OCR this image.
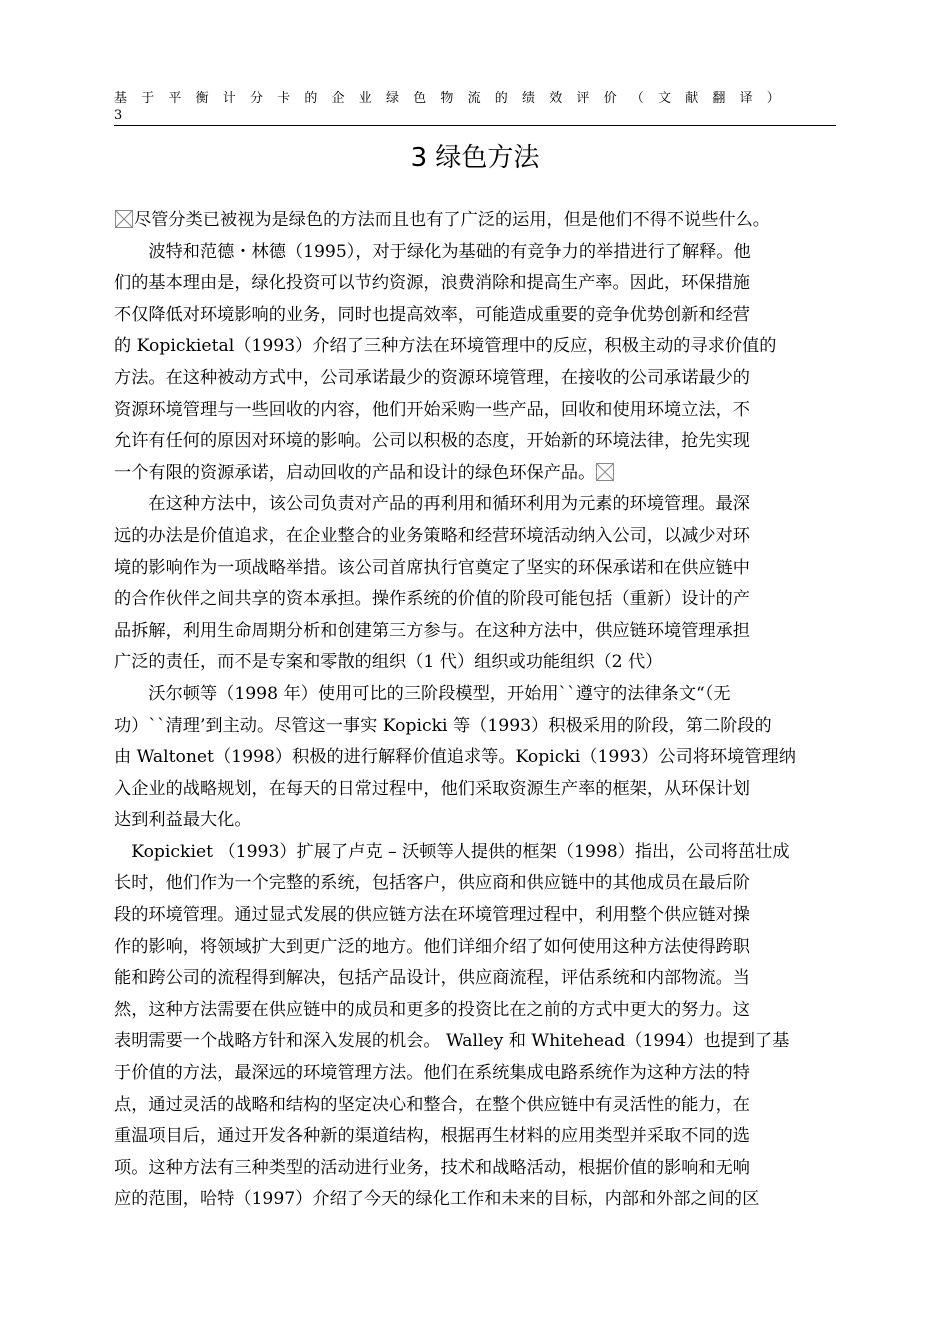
基于平衡计分卡的企业绿色物流的绩效评价（文献翻译）
3
3 绿色方法
尽管分类已被视为是绿色的方法而且也有了广泛的运用，但是他们不得不说些什么。
　　波特和范德・林德（1995），对于绿化为基础的有竞争力的举措进行了解释。他
们的基本理由是，绿化投资可以节约资源，浪费消除和提高生产率。因此，环保措施
不仅降低对环境影响的业务，同时也提高效率，可能造成重要的竞争优势创新和经营
的 Kopickietal（1993）介绍了三种方法在环境管理中的反应，积极主动的寻求价值的
方法。在这种被动方式中，公司承诺最少的资源环境管理，在接收的公司承诺最少的
资源环境管理与一些回收的内容，他们开始采购一些产品，回收和使用环境立法，不
允许有任何的原因对环境的影响。公司以积极的态度，开始新的环境法律，抢先实现
一个有限的资源承诺，启动回收的产品和设计的绿色环保产品。
　　在这种方法中，该公司负责对产品的再利用和循环利用为元素的环境管理。最深
远的办法是价值追求，在企业整合的业务策略和经营环境活动纳入公司，以减少对环
境的影响作为一项战略举措。该公司首席执行官奠定了坚实的环保承诺和在供应链中
的合作伙伴之间共享的资本承担。操作系统的价值的阶段可能包括（重新）设计的产
品拆解，利用生命周期分析和创建第三方参与。在这种方法中，供应链环境管理承担
广泛的责任，而不是专案和零散的组织（1 代）组织或功能组织（2 代）
　　沃尔顿等（1998 年）使用可比的三阶段模型，开始用``遵守的法律条文“（无
功）``清理’到主动。尽管这一事实 Kopicki 等（1993）积极采用的阶段，第二阶段的
由 Waltonet（1998）积极的进行解释价值追求等。Kopicki（1993）公司将环境管理纳
入企业的战略规划，在每天的日常过程中，他们采取资源生产率的框架，从环保计划
达到利益最大化。
　Kopickiet （1993）扩展了卢克 – 沃顿等人提供的框架（1998）指出，公司将茁壮成
长时，他们作为一个完整的系统，包括客户，供应商和供应链中的其他成员在最后阶
段的环境管理。通过显式发展的供应链方法在环境管理过程中，利用整个供应链对操
作的影响，将领域扩大到更广泛的地方。他们详细介绍了如何使用这种方法使得跨职
能和跨公司的流程得到解决，包括产品设计，供应商流程，评估系统和内部物流。当
然，这种方法需要在供应链中的成员和更多的投资比在之前的方式中更大的努力。这
表明需要一个战略方针和深入发展的机会。 Walley 和 Whitehead（1994）也提到了基
于价值的方法，最深远的环境管理方法。他们在系统集成电路系统作为这种方法的特
点，通过灵活的战略和结构的坚定决心和整合，在整个供应链中有灵活性的能力，在
重温项目后，通过开发各种新的渠道结构，根据再生材料的应用类型并采取不同的选
项。这种方法有三种类型的活动进行业务，技术和战略活动，根据价值的影响和无响
应的范围，哈特（1997）介绍了今天的绿化工作和未来的目标，内部和外部之间的区
